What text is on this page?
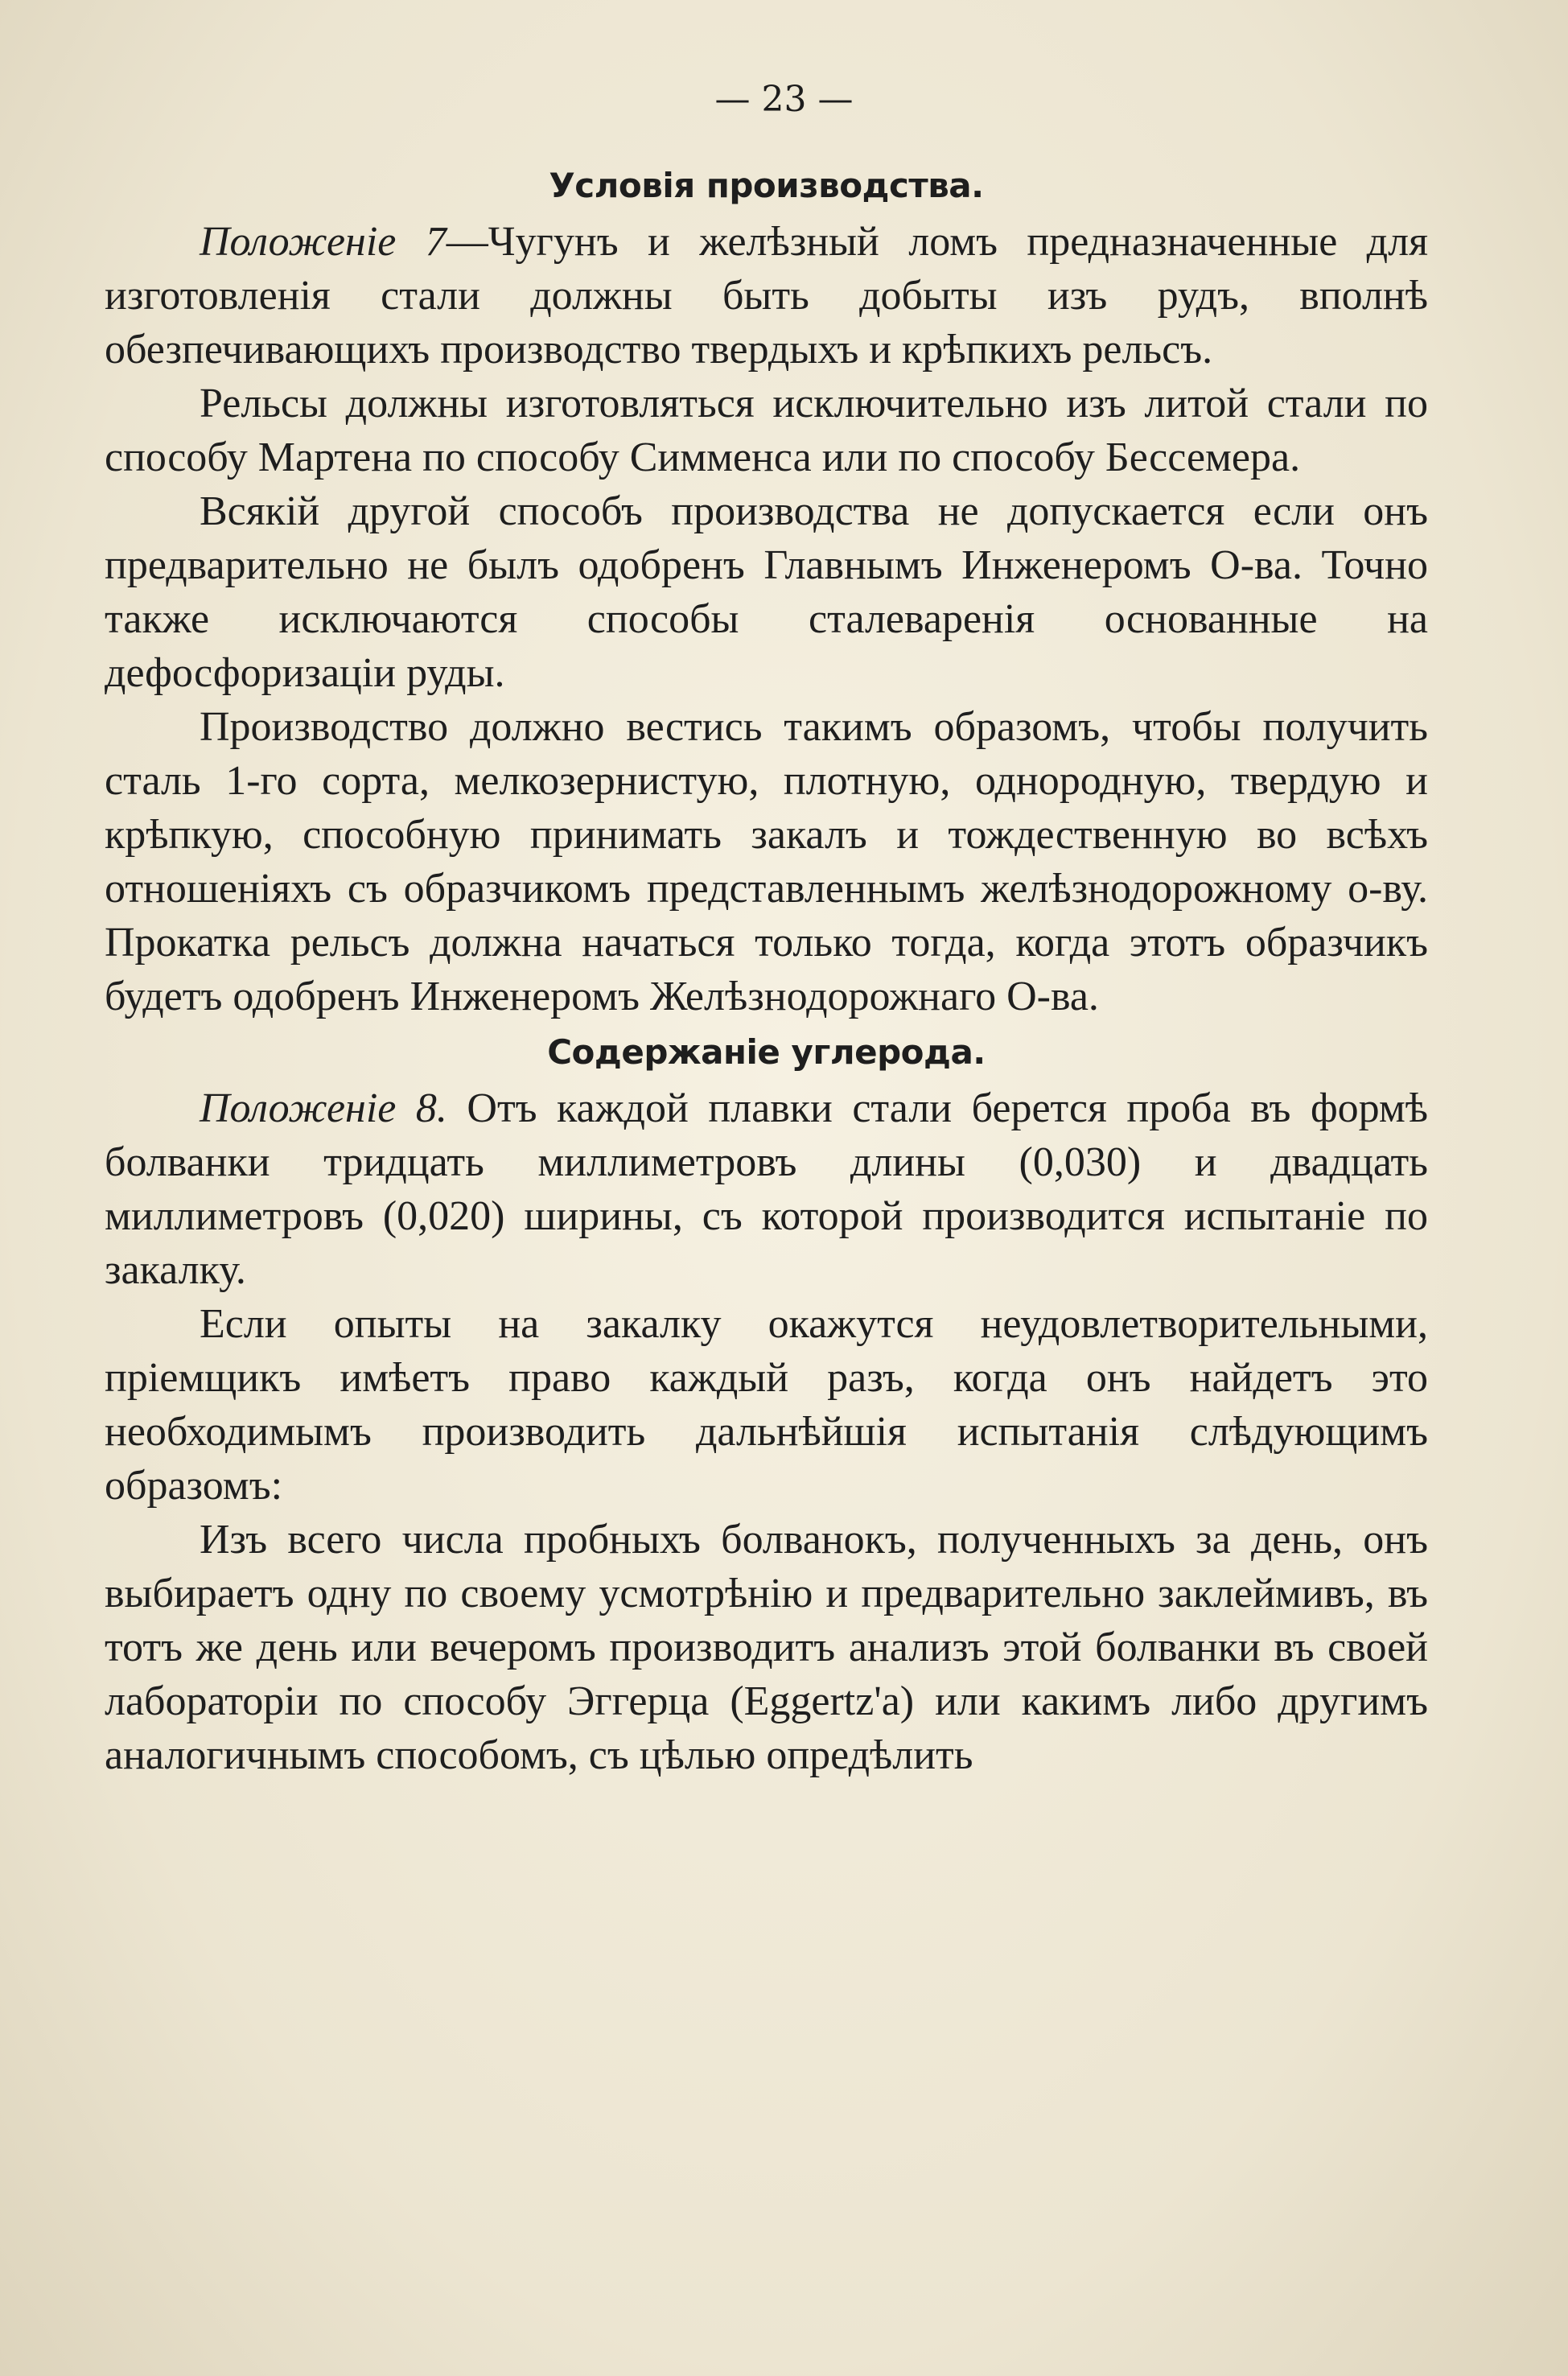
— 23 —
Условія производства.

Положеніе 7—Чугунъ и желѣзный ломъ предназначенные для изготовленія стали должны быть добыты изъ рудъ, вполнѣ обезпечивающихъ производство твердыхъ и крѣпкихъ рельсъ.

Рельсы должны изготовляться исключительно изъ литой стали по способу Мартена по способу Симменса или по способу Бессемера.

Всякій другой способъ производства не допускается если онъ предварительно не былъ одобренъ Главнымъ Инженеромъ О-ва. Точно также исключаются способы сталеваренія основанные на дефосфоризаціи руды.

Производство должно вестись такимъ образомъ, чтобы получить сталь 1-го сорта, мелкозернистую, плотную, однородную, твердую и крѣпкую, способную принимать закалъ и тождественную во всѣхъ отношеніяхъ съ образчикомъ представленнымъ желѣзнодорожному о-ву. Прокатка рельсъ должна начаться только тогда, когда этотъ образчикъ будетъ одобренъ Инженеромъ Желѣзнодорожнаго О-ва.

Содержаніе углерода.

Положеніе 8. Отъ каждой плавки стали берется проба въ формѣ болванки тридцать миллиметровъ длины (0,030) и двадцать миллиметровъ (0,020) ширины, съ которой производится испытаніе по закалку.

Если опыты на закалку окажутся неудовлетворительными, пріемщикъ имѣетъ право каждый разъ, когда онъ найдетъ это необходимымъ производить дальнѣйшія испытанія слѣдующимъ образомъ:

Изъ всего числа пробныхъ болванокъ, полученныхъ за день, онъ выбираетъ одну по своему усмотрѣнію и предварительно заклеймивъ, въ тотъ же день или вечеромъ производитъ анализъ этой болванки въ своей лабораторіи по способу Эггерца (Eggertz'a) или какимъ либо другимъ аналогичнымъ способомъ, съ цѣлью опредѣлить
